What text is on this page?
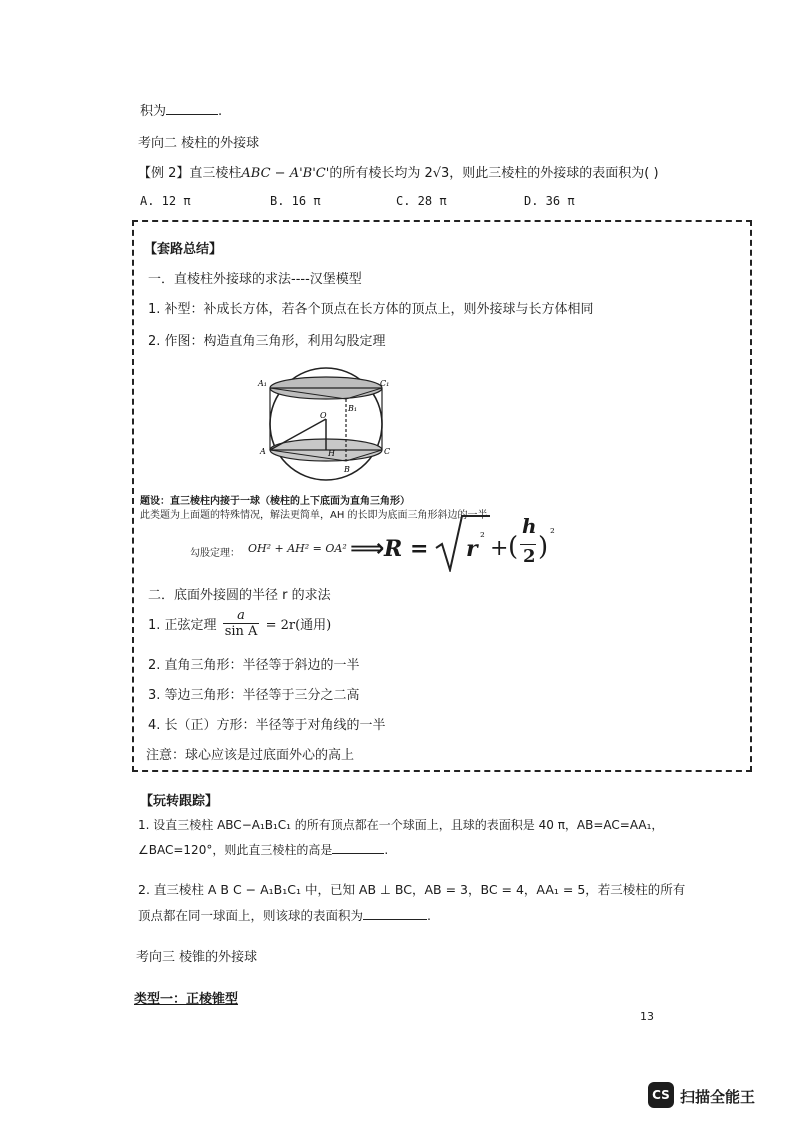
积为	.
考向二 棱柱的外接球
【例 2】直三棱柱ABC − A'B'C'的所有棱长均为 2√3，则此三棱柱的外接球的表面积为( )
A. 12 π	B. 16 π	C. 28 π	D. 36 π
【套路总结】
一．直棱柱外接球的求法----汉堡模型
1. 补型：补成长方体，若各个顶点在长方体的顶点上，则外接球与长方体相同
2. 作图：构造直角三角形，利用勾股定理
A₁	C₁
B₁
O
A	H	C
B
题设：直三棱柱内接于一球（棱柱的上下底面为直角三角形）
此类题为上面题的特殊情况，解法更简单，AH 的长即为底面三角形斜边的一半
勾股定理： OH² + AH² = OA² ⟹ R = r ² + (
h
2 ) ²
二．底面外接圆的半径 r 的求法
1. 正弦定理 $\frac{a}{\text{sin A}} = 2r$(通用)
2. 直角三角形：半径等于斜边的一半
3. 等边三角形：半径等于三分之二高
4. 长（正）方形：半径等于对角线的一半
注意：球心应该是过底面外心的高上
【玩转跟踪】
1. 设直三棱柱 ABC−A₁B₁C₁ 的所有顶点都在一个球面上，且球的表面积是 40 π，AB=AC=AA₁，
∠BAC=120°，则此直三棱柱的高是	.
2. 直三棱柱 A B C − A₁B₁C₁ 中，已知 AB ⊥ BC，AB = 3，BC = 4，AA₁ = 5，若三棱柱的所有
顶点都在同一球面上，则该球的表面积为	.
考向三 棱锥的外接球
类型一：正棱锥型
13
CS 扫描全能王
